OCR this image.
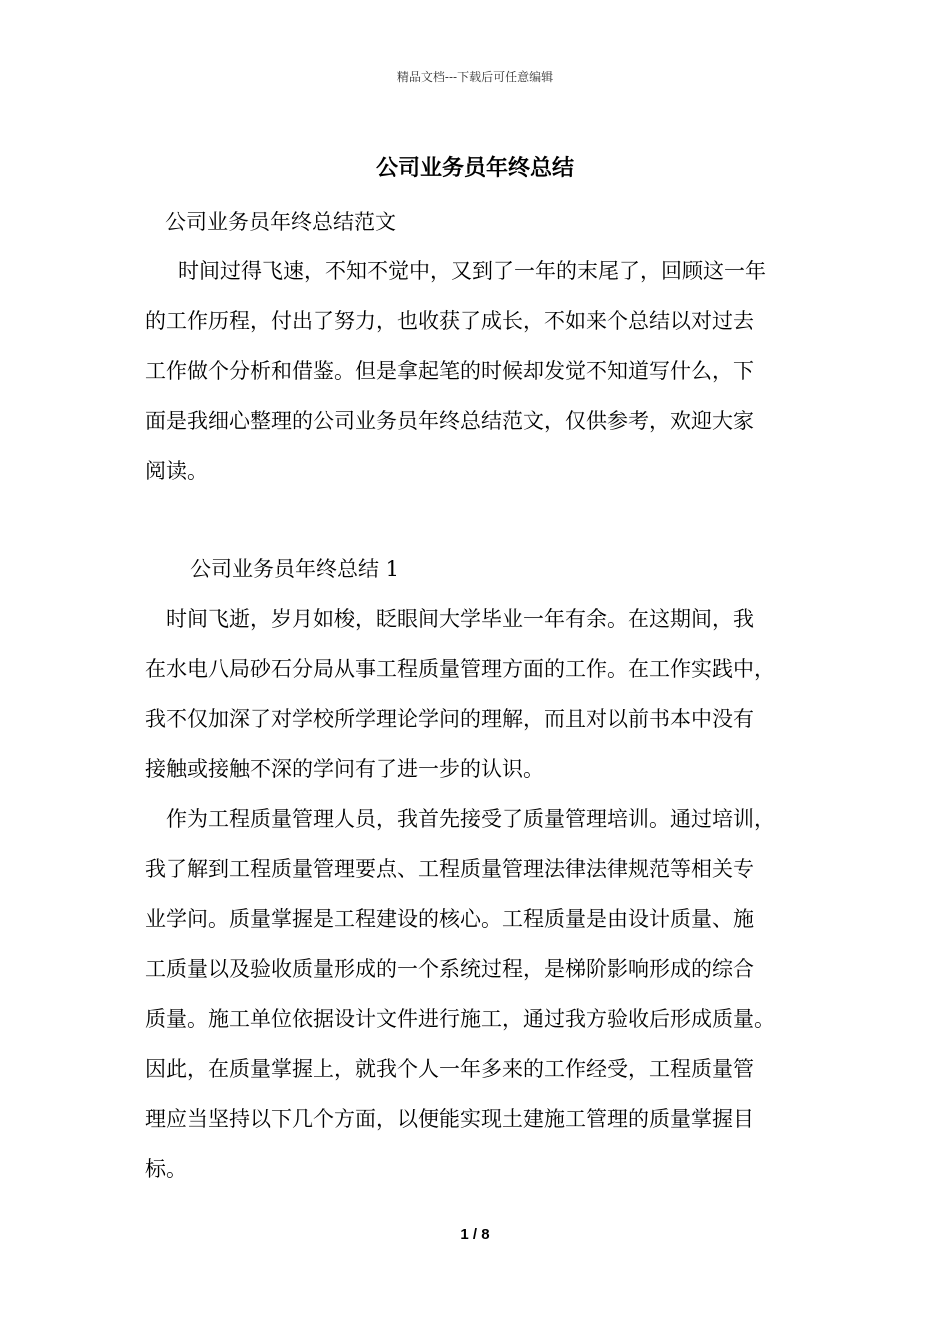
精品文档---下载后可任意编辑
公司业务员年终总结
公司业务员年终总结范文
时间过得飞速，不知不觉中，又到了一年的末尾了，回顾这一年
的工作历程，付出了努力，也收获了成长，不如来个总结以对过去
工作做个分析和借鉴。但是拿起笔的时候却发觉不知道写什么，下
面是我细心整理的公司业务员年终总结范文，仅供参考，欢迎大家
阅读。
公司业务员年终总结 1
时间飞逝，岁月如梭，眨眼间大学毕业一年有余。在这期间，我
在水电八局砂石分局从事工程质量管理方面的工作。在工作实践中，
我不仅加深了对学校所学理论学问的理解，而且对以前书本中没有
接触或接触不深的学问有了进一步的认识。
作为工程质量管理人员，我首先接受了质量管理培训。通过培训，
我了解到工程质量管理要点、工程质量管理法律法律规范等相关专
业学问。质量掌握是工程建设的核心。工程质量是由设计质量、施
工质量以及验收质量形成的一个系统过程，是梯阶影响形成的综合
质量。施工单位依据设计文件进行施工，通过我方验收后形成质量。
因此，在质量掌握上，就我个人一年多来的工作经受，工程质量管
理应当坚持以下几个方面，以便能实现土建施工管理的质量掌握目
标。
1 / 8
